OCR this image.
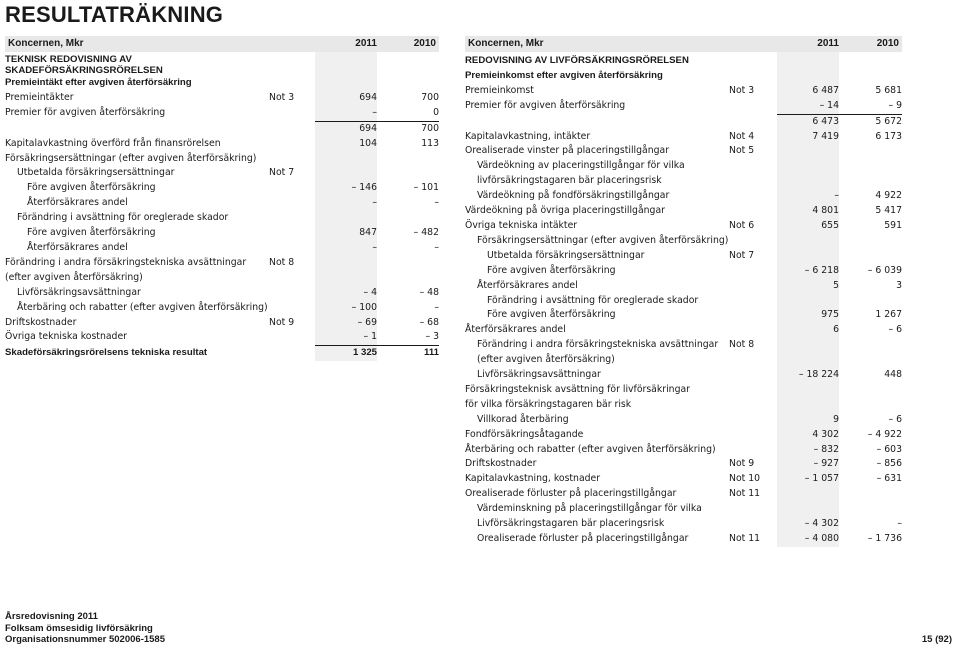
RESULTATRÄKNING
Koncernen, Mkr		2011	2010
TEKNISK REDOVISNING AV
SKADEFÖRSÄKRINGSRÖRELSEN			
Premieintäkt efter avgiven återförsäkring			
Premieintäkter	Not 3	694	700
Premier för avgiven återförsäkring		–	0
		694	700
Kapitalavkastning överförd från finansrörelsen		104	113
Försäkringsersättningar (efter avgiven återförsäkring)			
Utbetalda försäkringsersättningar	Not 7		
Före avgiven återförsäkring		– 146	– 101
Återförsäkrares andel		–	–
Förändring i avsättning för oreglerade skador			
Före avgiven återförsäkring		847	– 482
Återförsäkrares andel		–	–
Förändring i andra försäkringstekniska avsättningar	Not 8		
(efter avgiven återförsäkring)			
Livförsäkringsavsättningar		– 4	– 48
Återbäring och rabatter (efter avgiven återförsäkring)		– 100	–
Driftskostnader	Not 9	– 69	– 68
Övriga tekniska kostnader		– 1	– 3
Skadeförsäkringsrörelsens tekniska resultat		1 325	111
Koncernen, Mkr		2011	2010
REDOVISNING AV LIVFÖRSÄKRINGSRÖRELSEN			
Premieinkomst efter avgiven återförsäkring			
Premieinkomst	Not 3	6 487	5 681
Premier för avgiven återförsäkring		– 14	– 9
		6 473	5 672
Kapitalavkastning, intäkter	Not 4	7 419	6 173
Orealiserade vinster på placeringstillgångar	Not 5		
Värdeökning av placeringstillgångar för vilka			
livförsäkringstagaren bär placeringsrisk			
Värdeökning på fondförsäkringstillgångar		–	4 922
Värdeökning på övriga placeringstillgångar		4 801	5 417
Övriga tekniska intäkter	Not 6	655	591
Försäkringsersättningar (efter avgiven återförsäkring)			
Utbetalda försäkringsersättningar	Not 7		
Före avgiven återförsäkring		– 6 218	– 6 039
Återförsäkrares andel		5	3
Förändring i avsättning för oreglerade skador			
Före avgiven återförsäkring		975	1 267
Återförsäkrares andel		6	– 6
Förändring i andra försäkringstekniska avsättningar	Not 8		
(efter avgiven återförsäkring)			
Livförsäkringsavsättningar		– 18 224	448
Försäkringsteknisk avsättning för livförsäkringar			
för vilka försäkringstagaren bär risk			
Villkorad återbäring		9	– 6
Fondförsäkringsåtagande		4 302	– 4 922
Återbäring och rabatter (efter avgiven återförsäkring)		– 832	– 603
Driftskostnader	Not 9	– 927	– 856
Kapitalavkastning, kostnader	Not 10	– 1 057	– 631
Orealiserade förluster på placeringstillgångar	Not 11		
Värdeminskning på placeringstillgångar för vilka			
Livförsäkringstagaren bär placeringsrisk		– 4 302	–
Orealiserade förluster på placeringstillgångar	Not 11	– 4 080	– 1 736
Årsredovisning 2011
Folksam ömsesidig livförsäkring
Organisationsnummer 502006-1585	15 (92)
